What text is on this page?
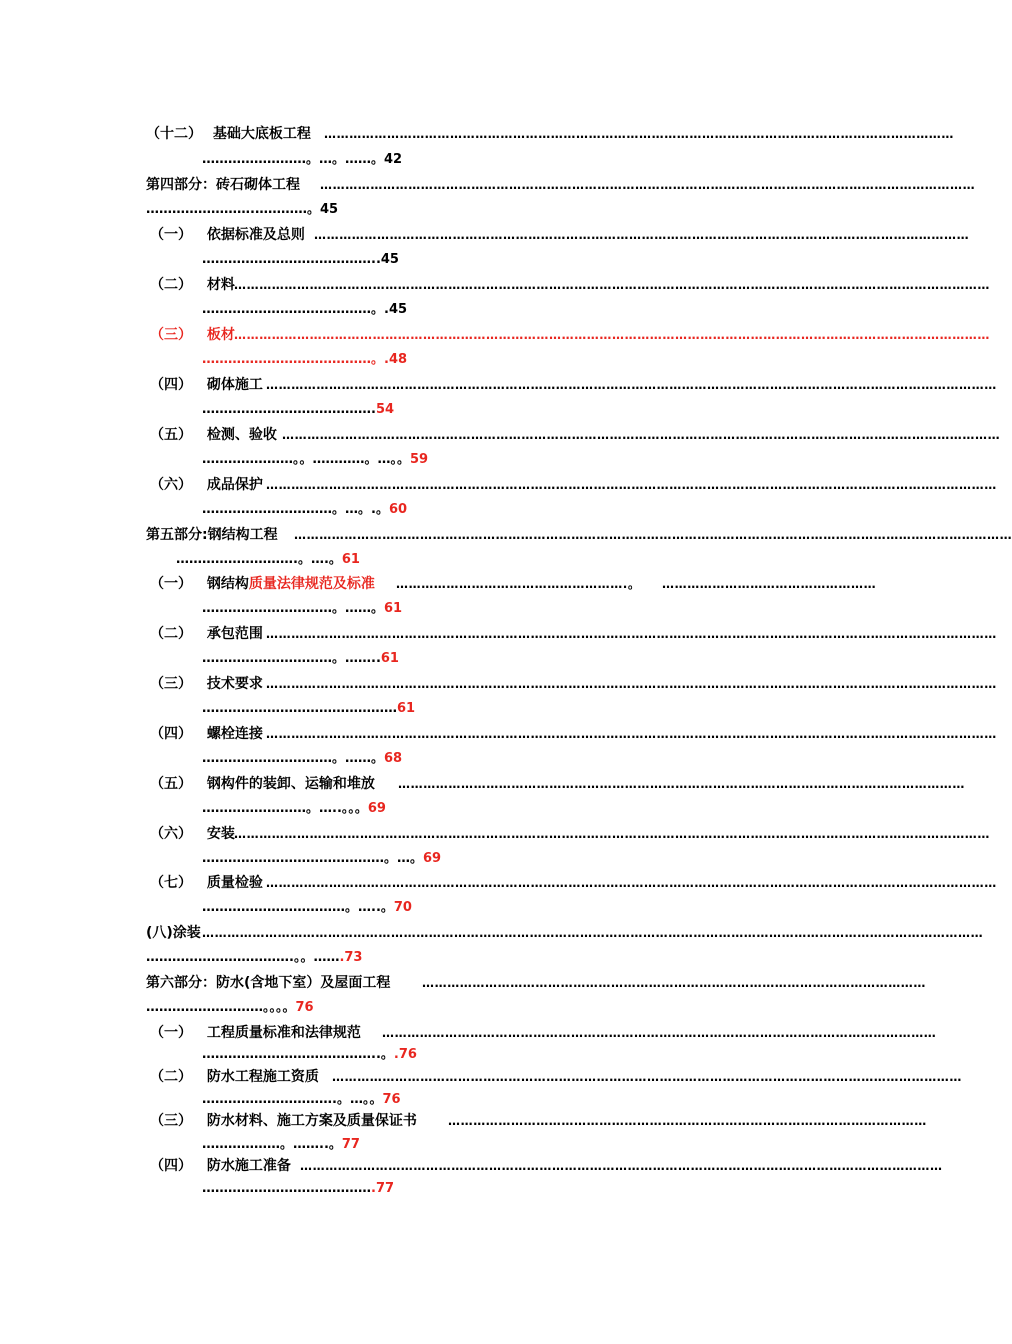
（十二） 基础大底板工程 ……………………………………………………………………………………………………………………………………
……………………。…。……。42
第四部分：砖石砌体工程 …………………………………………………………………………………………………………………………………………
…………………….…………。45
（一） 依据标准及总则 …………………………………………………………………………………………………………………………………………
…………………………………..45
（二） 材料 ………………………………………………………………………………………………………………………………………………………………
…………………………………。.45
（三） 板材 ………………………………………………………………………………………………………………………………………………………………
…………………………………。.48
（四） 砌体施工 …………………………………………………………………………………………………………………………………………………………
………………………………….54
（五） 检测、验收 ………………………………………………………………………………………………………………………………………………………
…………………。。…………。…。。59
（六） 成品保护 …………………………………………………………………………………………………………………………………………………………
…………………………。…。.。60
第五部分:钢结构工程 ………………………………………………………………………………………………………………………………………………………
……………………….。….。61
（一） 钢结构质量法律规范及标准 ……………………………………………….。	……………………………………………
…………………………。……。61
（二） 承包范围 …………………………………………………………………………………………………………………………………………………………
…………………………。……..61
（三） 技术要求 …………………………………………………………………………………………………………………………………………………………
………………………………………61
（四） 螺栓连接 …………………………………………………………………………………………………………………………………………………………
…………………………。……。68
（五） 钢构件的装卸、运输和堆放 ………………………………………………………………………………………………………………………
……………………。…..。。。69
（六） 安装 ………………………………………………………………………………………………………………………………………………………………
……………………………………。…。69
（七） 质量检验 …………………………………………………………………………………………………………………………………………………………
……………………………。…..。70
(八)涂装 ……………………………………………………………………………………………………………………………………………………………………
…………………………….。。…….73
第六部分：防水(含地下室）及屋面工程	…………………………………………………………………………………………………………
………………………。。。。76
（一） 工程质量标准和法律规范 ……………………………………………………………………………………………………………………
…………………………………..。.76
（二） 防水工程施工资质 ……………………………………………………………………………………………………………………………………
………………………….。…。。76
（三） 防水材料、施工方案及质量保证书	……………………………………………………………………………………………………
………………。……..。77
（四） 防水施工准备 ………………………………………………………………………………………………………………………………………
………………………………….77
